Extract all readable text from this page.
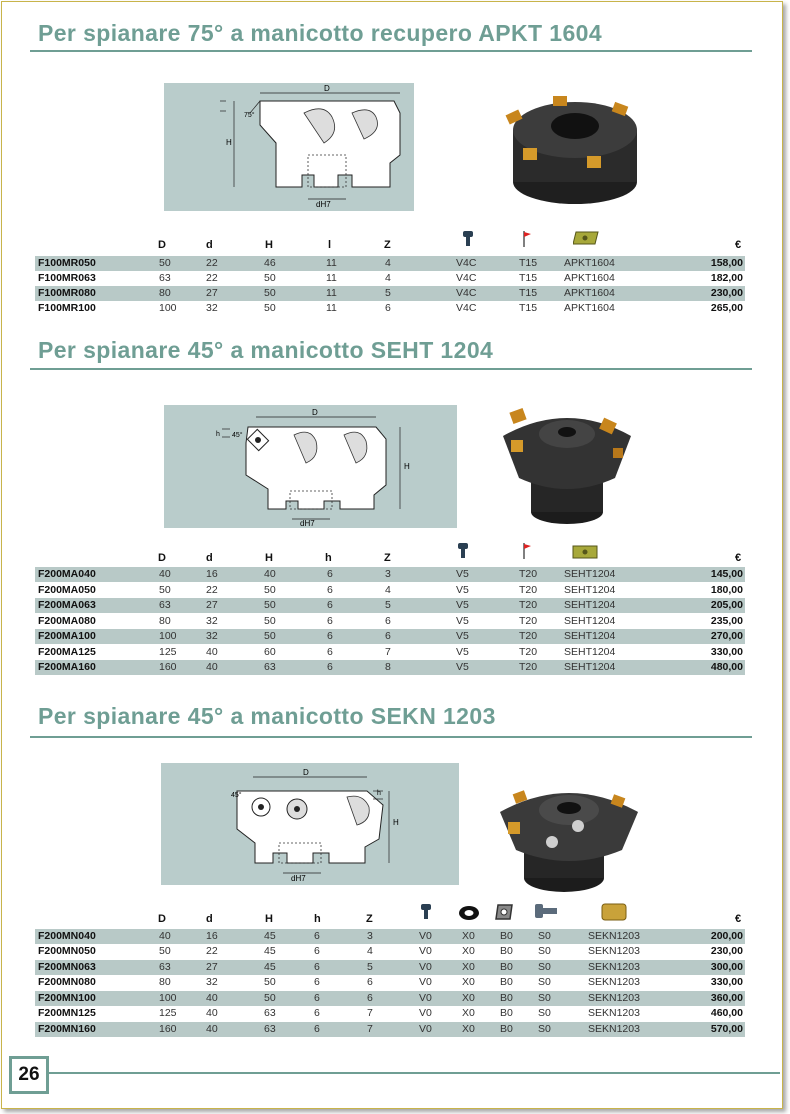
Per spianare 75° a manicotto recupero APKT 1604
D
H
dH7
75°
D	d	H	l	Z	€
F100MR050	50	22	46	11	4	V4C	T15	APKT1604	158,00
F100MR063	63	22	50	11	4	V4C	T15	APKT1604	182,00
F100MR080	80	27	50	11	5	V4C	T15	APKT1604	230,00
F100MR100	100	32	50	11	6	V4C	T15	APKT1604	265,00
Per spianare 45° a manicotto SEHT 1204
D
H
dH7
45°
h
D	d	H	h	Z	€
F200MA040	40	16	40	6	3	V5	T20	SEHT1204	145,00
F200MA050	50	22	50	6	4	V5	T20	SEHT1204	180,00
F200MA063	63	27	50	6	5	V5	T20	SEHT1204	205,00
F200MA080	80	32	50	6	6	V5	T20	SEHT1204	235,00
F200MA100	100	32	50	6	6	V5	T20	SEHT1204	270,00
F200MA125	125	40	60	6	7	V5	T20	SEHT1204	330,00
F200MA160	160	40	63	6	8	V5	T20	SEHT1204	480,00
Per spianare 45° a manicotto SEKN 1203
D
H
dH7
45°	h
D	d	H	h	Z	€
F200MN040	40	16	45	6	3	V0	X0 B0 S0	SEKN1203	200,00
F200MN050	50	22	45	6	4	V0	X0 B0 S0	SEKN1203	230,00
F200MN063	63	27	45	6	5	V0	X0 B0 S0	SEKN1203	300,00
F200MN080	80	32	50	6	6	V0	X0 B0 S0	SEKN1203	330,00
F200MN100	100	40	50	6	6	V0	X0 B0 S0	SEKN1203	360,00
F200MN125	125	40	63	6	7	V0	X0 B0 S0	SEKN1203	460,00
F200MN160	160	40	63	6	7	V0	X0 B0 S0	SEKN1203	570,00
26
